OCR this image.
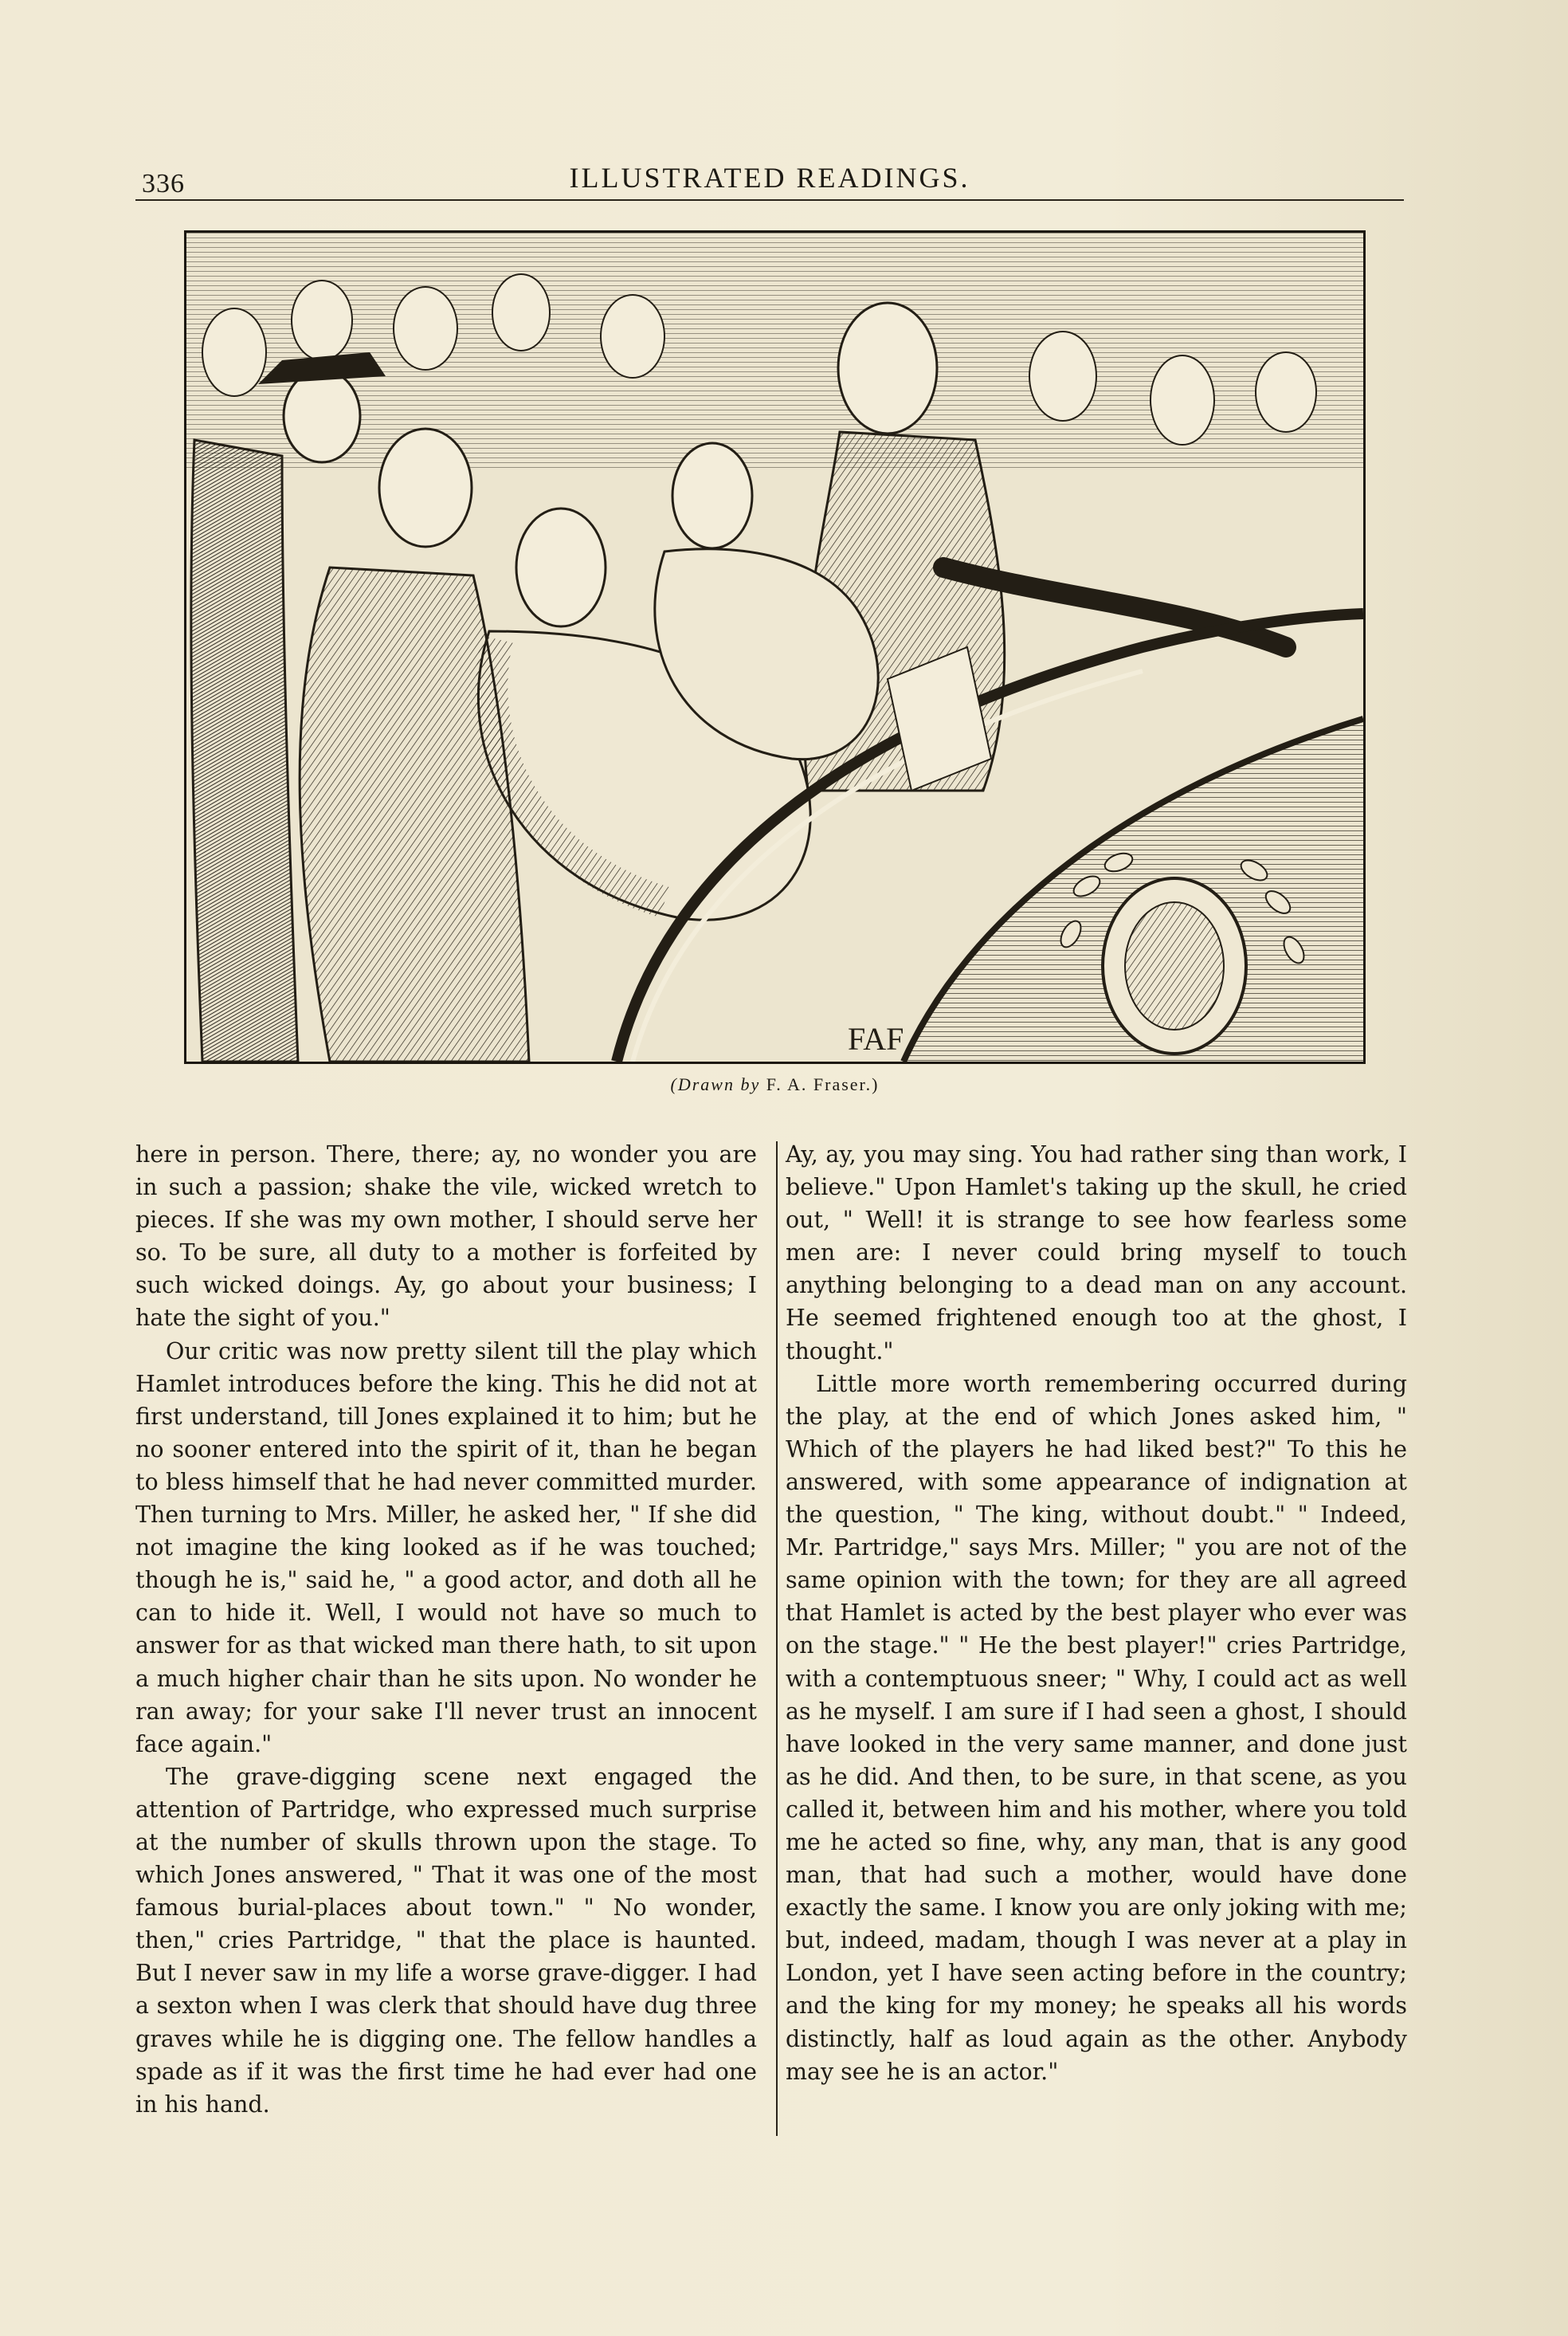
336	ILLUSTRATED READINGS.
FAF
(Drawn by F. A. Fraser.)

here in person. There, there; ay, no wonder you are in such a passion; shake the vile, wicked wretch to pieces. If she was my own mother, I should serve her so. To be sure, all duty to a mother is forfeited by such wicked doings. Ay, go about your business; I hate the sight of you."

Our critic was now pretty silent till the play which Hamlet introduces before the king. This he did not at first understand, till Jones explained it to him; but he no sooner entered into the spirit of it, than he began to bless himself that he had never committed murder. Then turning to Mrs. Miller, he asked her, " If she did not imagine the king looked as if he was touched; though he is," said he, " a good actor, and doth all he can to hide it. Well, I would not have so much to answer for as that wicked man there hath, to sit upon a much higher chair than he sits upon. No wonder he ran away; for your sake I'll never trust an innocent face again."

The grave-digging scene next engaged the attention of Partridge, who expressed much surprise at the number of skulls thrown upon the stage. To which Jones answered, " That it was one of the most famous burial-places about town." " No wonder, then," cries Partridge, " that the place is haunted. But I never saw in my life a worse grave-digger. I had a sexton when I was clerk that should have dug three graves while he is digging one. The fellow handles a spade as if it was the first time he had ever had one in his hand.

Ay, ay, you may sing. You had rather sing than work, I believe." Upon Hamlet's taking up the skull, he cried out, " Well! it is strange to see how fearless some men are: I never could bring myself to touch anything belonging to a dead man on any account. He seemed frightened enough too at the ghost, I thought."

Little more worth remembering occurred during the play, at the end of which Jones asked him, " Which of the players he had liked best?" To this he answered, with some appearance of indignation at the question, " The king, without doubt." " Indeed, Mr. Partridge," says Mrs. Miller; " you are not of the same opinion with the town; for they are all agreed that Hamlet is acted by the best player who ever was on the stage." " He the best player!" cries Partridge, with a contemptuous sneer; " Why, I could act as well as he myself. I am sure if I had seen a ghost, I should have looked in the very same manner, and done just as he did. And then, to be sure, in that scene, as you called it, between him and his mother, where you told me he acted so fine, why, any man, that is any good man, that had such a mother, would have done exactly the same. I know you are only joking with me; but, indeed, madam, though I was never at a play in London, yet I have seen acting before in the country; and the king for my money; he speaks all his words distinctly, half as loud again as the other. Anybody may see he is an actor."
